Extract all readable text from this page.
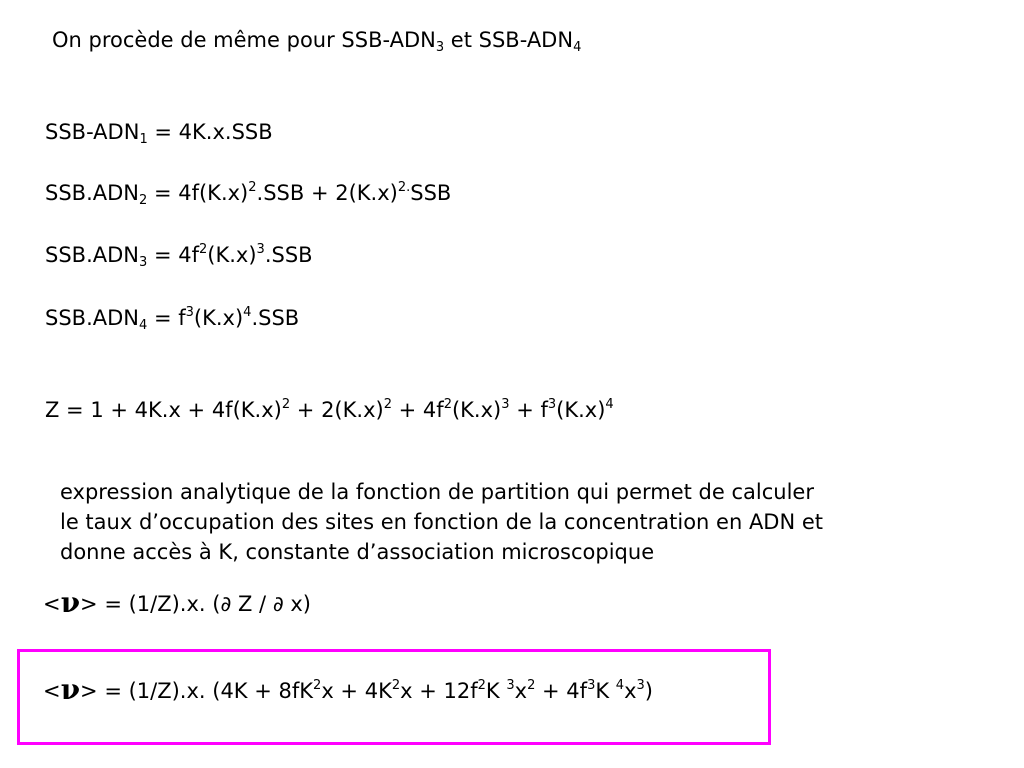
On procède de même pour SSB-$ADN_3$ et SSB-$ADN_4$
SSB-$ADN_1 = 4K.x.SSB$
$SSB.ADN_2 = 4f(K.x)^2.SSB + 2(K.x)^{2.}SSB$
$SSB.ADN_3 = 4f^2(K.x)^3.SSB$
$SSB.ADN_4 = f^3(K.x)^4.SSB$
$Z = 1 + 4K.x + 4f(K.x)^2 + 2(K.x)^2 + 4f^2(K.x)^3 + f^3(K.x)^4$
expression analytique de la fonction de partition qui permet de calculer
le taux d’occupation des sites en fonction de la concentration en ADN et
donne accès à K, constante d’association microscopique
<ν> = (1/Z).x. (∂ Z / ∂ x)
<ν> = (1/Z).x. ($4K + 8fK^2x + 4K^2x + 12f^2K$ $^3x^2 + 4f^3K$ $^4x^3$)
